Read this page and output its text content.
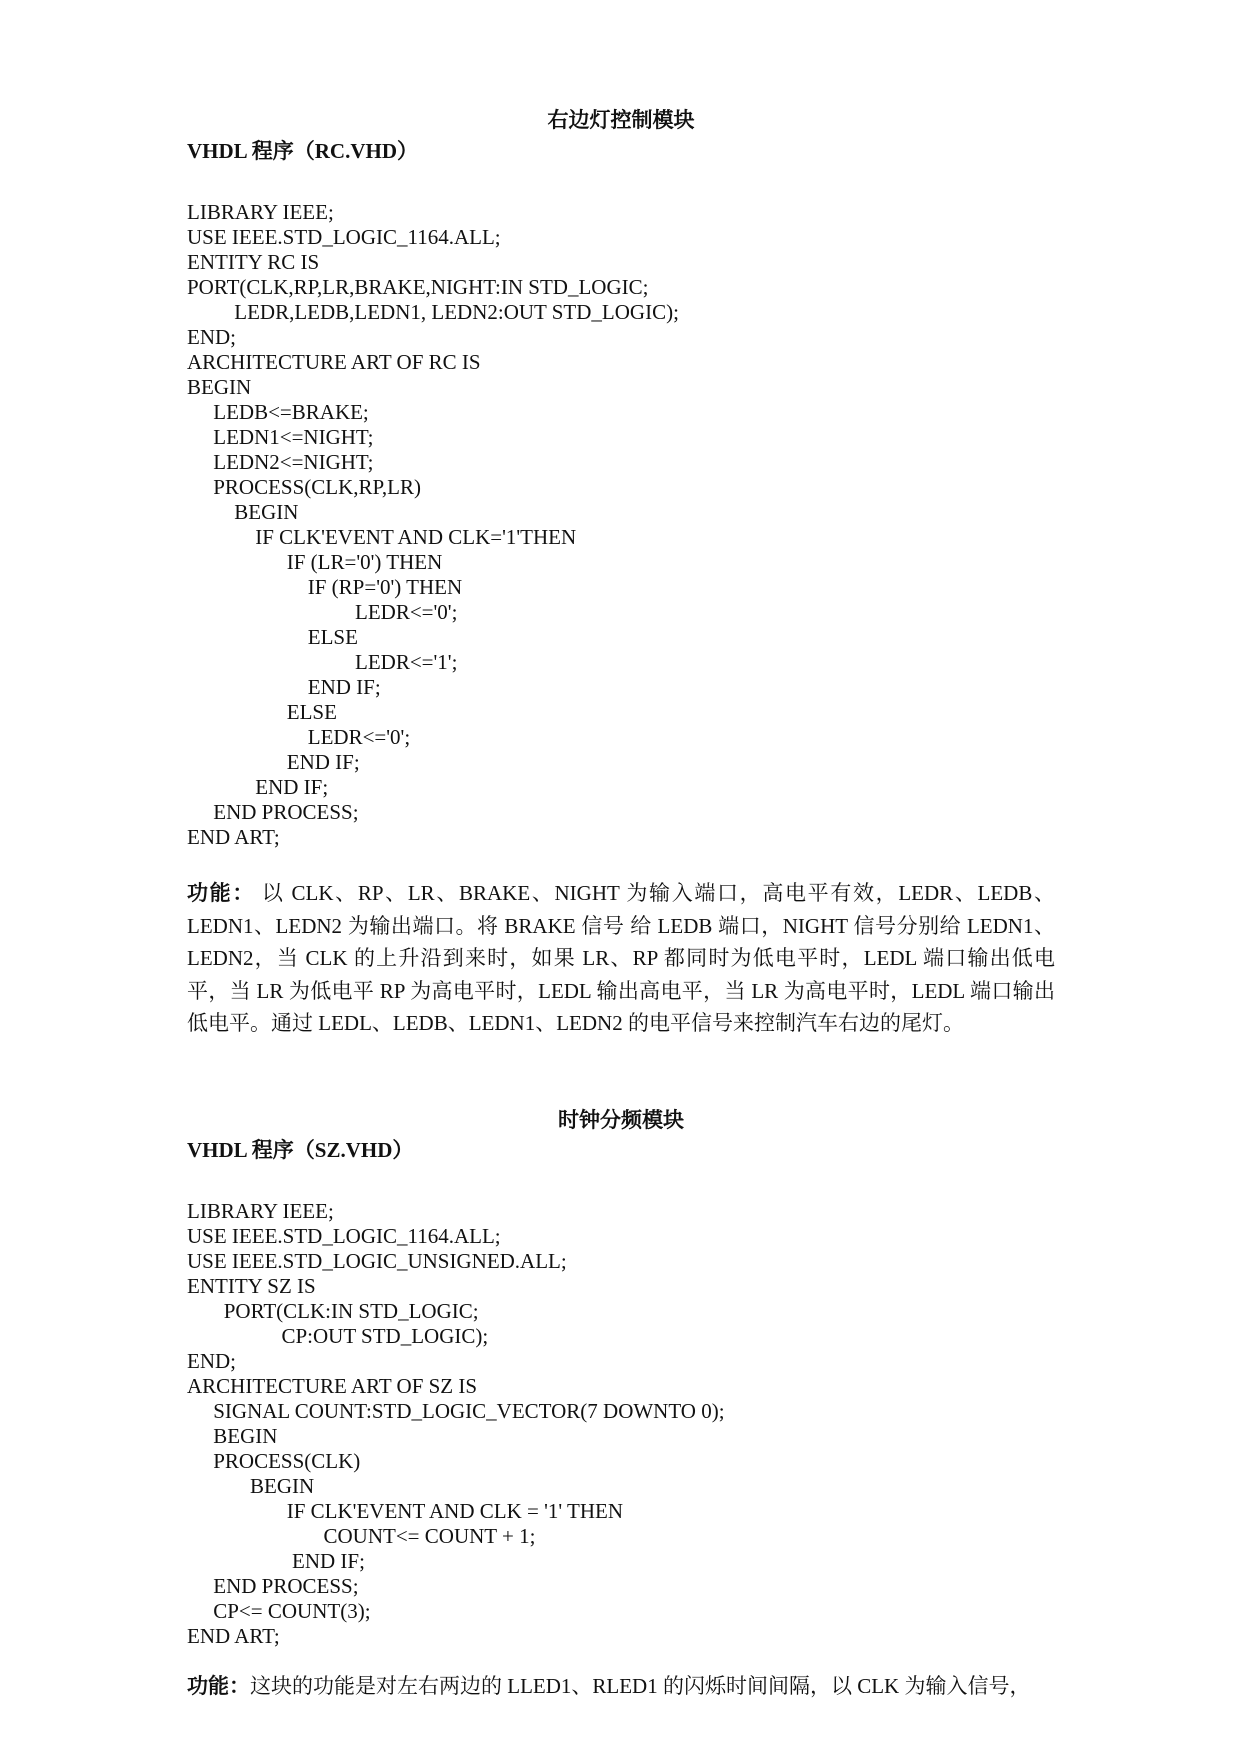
右边灯控制模块
VHDL 程序（RC.VHD）
LIBRARY IEEE;
USE IEEE.STD_LOGIC_1164.ALL;
ENTITY RC IS
PORT(CLK,RP,LR,BRAKE,NIGHT:IN STD_LOGIC;
LEDR,LEDB,LEDN1, LEDN2:OUT STD_LOGIC);
END;
ARCHITECTURE ART OF RC IS
BEGIN
LEDB<=BRAKE;
LEDN1<=NIGHT;
LEDN2<=NIGHT;
PROCESS(CLK,RP,LR)
BEGIN
IF CLK'EVENT AND CLK='1'THEN
IF (LR='0') THEN
IF (RP='0') THEN
LEDR<='0';
ELSE
LEDR<='1';
END IF;
ELSE
LEDR<='0';
END IF;
END IF;
END PROCESS;
END ART;

功能： 以 CLK、RP、LR、BRAKE、NIGHT 为输入端口，高电平有效，LEDR、LEDB、LEDN1、LEDN2 为输出端口。将 BRAKE 信号 给 LEDB 端口，NIGHT 信号分别给 LEDN1、LEDN2，当 CLK 的上升沿到来时，如果 LR、RP 都同时为低电平时，LEDL 端口输出低电平，当 LR 为低电平 RP 为高电平时，LEDL 输出高电平，当 LR 为高电平时，LEDL 端口输出低电平。通过 LEDL、LEDB、LEDN1、LEDN2 的电平信号来控制汽车右边的尾灯。

时钟分频模块
VHDL 程序（SZ.VHD）
LIBRARY IEEE;
USE IEEE.STD_LOGIC_1164.ALL;
USE IEEE.STD_LOGIC_UNSIGNED.ALL;
ENTITY SZ IS
PORT(CLK:IN STD_LOGIC;
CP:OUT STD_LOGIC);
END;
ARCHITECTURE ART OF SZ IS
SIGNAL COUNT:STD_LOGIC_VECTOR(7 DOWNTO 0);
BEGIN
PROCESS(CLK)
BEGIN
IF CLK'EVENT AND CLK = '1' THEN
COUNT<= COUNT + 1;
END IF;
END PROCESS;
CP<= COUNT(3);
END ART;

功能：这块的功能是对左右两边的 LLED1、RLED1 的闪烁时间间隔，以 CLK 为输入信号，
